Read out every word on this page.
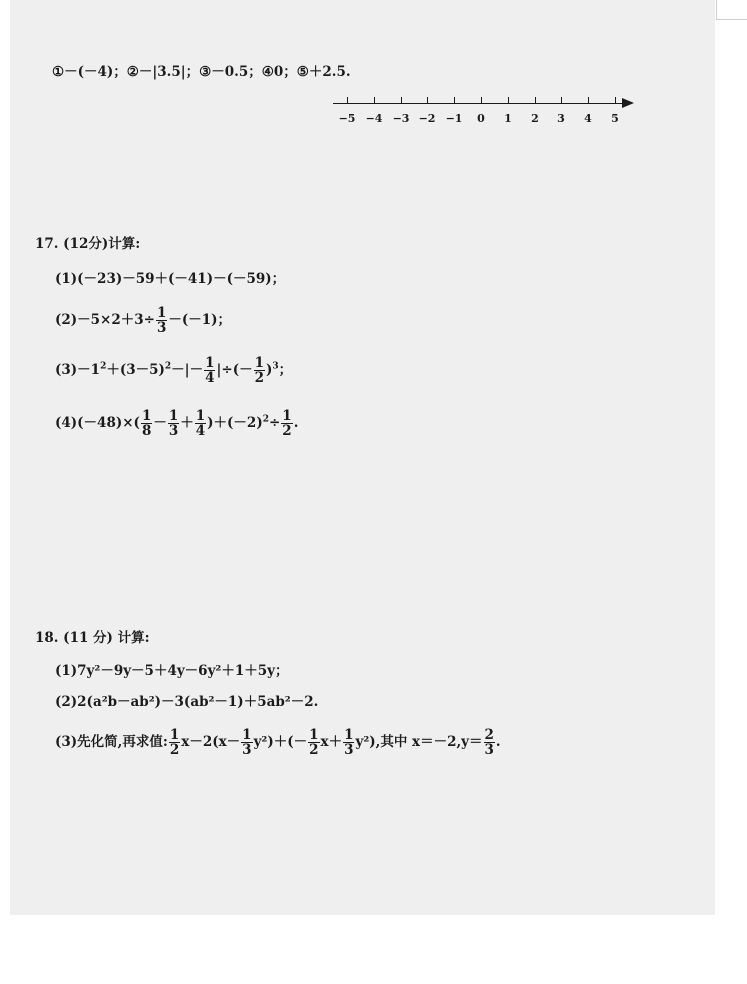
①－(－4)；②－|3.5|；③－0.5；④0；⑤＋2.5.
−5 −4 −3 −2 −1	0	1	2	3	4	5
17. (12分)计算:
(1)(－23)－59＋(－41)－(－59)；
$(2)-5\times 2+3\div \frac{1}{3} -(-1)$；
$(3)-1^2+(3-5)^2-|- \frac{1}{4}$ |÷(－ $\frac{1}{2} )^3$；
$(4)(-48)\times( \frac{1}{8} - \frac{1}{3} + \frac{1}{4} )+(-2)^2\div \frac{1}{2}$ .
18. (11 分) 计算:
(1)7y²－9y－5＋4y－6y²＋1＋5y；
(2)2(a²b－ab²)－3(ab²－1)＋5ab²－2.
(3)先化简,再求值: $\frac{1}{2} x-2(x- \frac{1}{3} y^2)+(- \frac{1}{2} x+ \frac{1}{3} y^2)$,其中 $x=-2,y= \frac{2}{3}$ .
